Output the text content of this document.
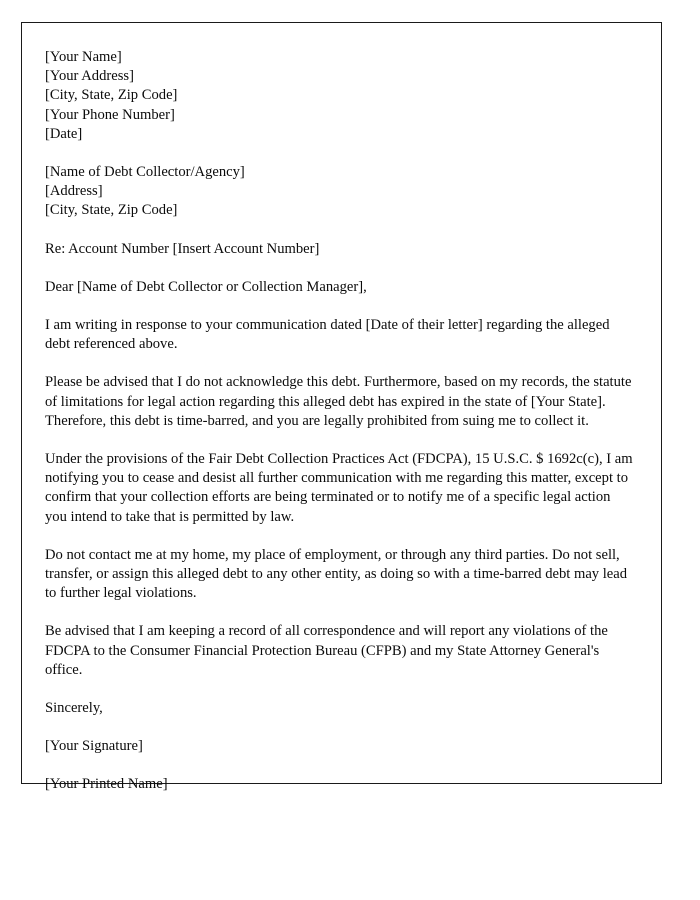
[Your Name]
[Your Address]
[City, State, Zip Code]
[Your Phone Number]
[Date]
[Name of Debt Collector/Agency]
[Address]
[City, State, Zip Code]

Re: Account Number [Insert Account Number]

Dear [Name of Debt Collector or Collection Manager],

I am writing in response to your communication dated [Date of their letter] regarding the alleged debt referenced above.

Please be advised that I do not acknowledge this debt. Furthermore, based on my records, the statute of limitations for legal action regarding this alleged debt has expired in the state of [Your State]. Therefore, this debt is time-barred, and you are legally prohibited from suing me to collect it.

Under the provisions of the Fair Debt Collection Practices Act (FDCPA), 15 U.S.C. $ 1692c(c), I am notifying you to cease and desist all further communication with me regarding this matter, except to confirm that your collection efforts are being terminated or to notify me of a specific legal action you intend to take that is permitted by law.

Do not contact me at my home, my place of employment, or through any third parties. Do not sell, transfer, or assign this alleged debt to any other entity, as doing so with a time-barred debt may lead to further legal violations.

Be advised that I am keeping a record of all correspondence and will report any violations of the FDCPA to the Consumer Financial Protection Bureau (CFPB) and my State Attorney General's office.

Sincerely,

[Your Signature]

[Your Printed Name]
